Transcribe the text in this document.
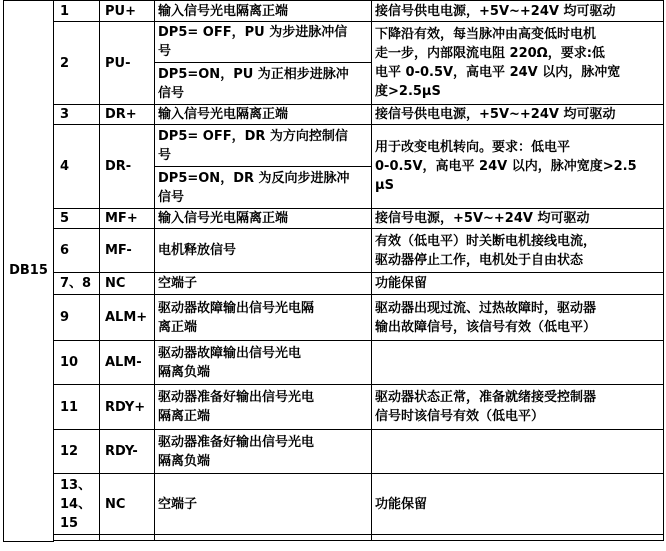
DB15	1	PU+	输入信号光电隔离正端	接信号供电电源，+5V~+24V 均可驱动
	2	PU-	DP5= OFF，PU 为步进脉冲信
号	下降沿有效，每当脉冲由高变低时电机
走一步，内部限流电阻 220Ω，要求:低
电平 0-0.5V，高电平 24V 以内，脉冲宽
度>2.5μS
			DP5=ON，PU 为正相步进脉冲
信号	
	3	DR+	输入信号光电隔离正端	接信号供电电源，+5V~+24V 均可驱动
	4	DR-	DP5= OFF，DR 为方向控制信
号	用于改变电机转向。要求：低电平
0-0.5V，高电平 24V 以内，脉冲宽度>2.5
μS
			DP5=ON，DR 为反向步进脉冲
信号	
	5	MF+	输入信号光电隔离正端	接信号电源，+5V~+24V 均可驱动
	6	MF-	电机释放信号	有效（低电平）时关断电机接线电流，
驱动器停止工作，电机处于自由状态
	7、8	NC	空端子	功能保留
	9	ALM+	驱动器故障输出信号光电隔
离正端	驱动器出现过流、过热故障时，驱动器
输出故障信号，该信号有效（低电平）
	10	ALM-	驱动器故障输出信号光电
隔离负端	
	11	RDY+	驱动器准备好输出信号光电
隔离正端	驱动器状态正常，准备就绪接受控制器
信号时该信号有效（低电平）
	12	RDY-	驱动器准备好输出信号光电
隔离负端	
	13、
14、
15	NC	空端子	功能保留
